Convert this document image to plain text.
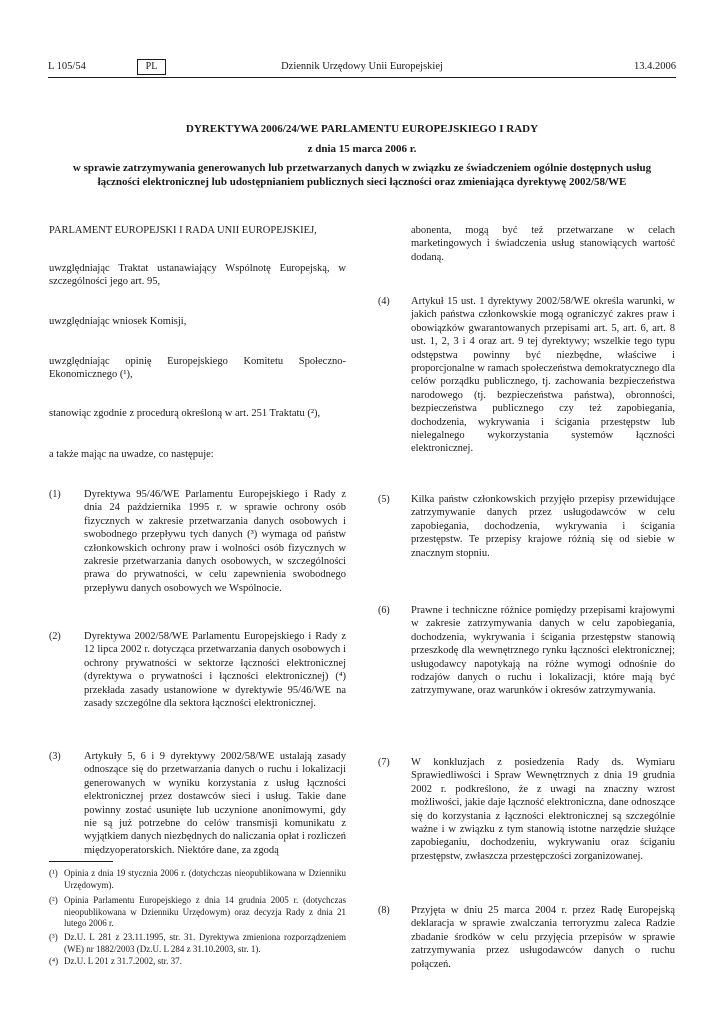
L 105/54	PL	Dziennik Urzędowy Unii Europejskiej	13.4.2006
DYREKTYWA 2006/24/WE PARLAMENTU EUROPEJSKIEGO I RADY
z dnia 15 marca 2006 r.
w sprawie zatrzymywania generowanych lub przetwarzanych danych w związku ze świadczeniem ogólnie dostępnych usług łączności elektronicznej lub udostępnianiem publicznych sieci łączności oraz zmieniająca dyrektywę 2002/58/WE
PARLAMENT EUROPEJSKI I RADA UNII EUROPEJSKIEJ,
uwzględniając Traktat ustanawiający Wspólnotę Europejską, w szczególności jego art. 95,
uwzględniając wniosek Komisji,
uwzględniając opinię Europejskiego Komitetu Społeczno-Ekonomicznego (¹),
stanowiąc zgodnie z procedurą określoną w art. 251 Traktatu (²),
a także mając na uwadze, co następuje:
(1) Dyrektywa 95/46/WE Parlamentu Europejskiego i Rady z dnia 24 października 1995 r. w sprawie ochrony osób fizycznych w zakresie przetwarzania danych osobowych i swobodnego przepływu tych danych (³) wymaga od państw członkowskich ochrony praw i wolności osób fizycznych w zakresie przetwarzania danych osobowych, w szczególności prawa do prywatności, w celu zapewnienia swobodnego przepływu danych osobowych we Wspólnocie.
(2) Dyrektywa 2002/58/WE Parlamentu Europejskiego i Rady z 12 lipca 2002 r. dotycząca przetwarzania danych osobowych i ochrony prywatności w sektorze łączności elektronicznej (dyrektywa o prywatności i łączności elektronicznej) (⁴) przekłada zasady ustanowione w dyrektywie 95/46/WE na zasady szczególne dla sektora łączności elektronicznej.
(3) Artykuły 5, 6 i 9 dyrektywy 2002/58/WE ustalają zasady odnoszące się do przetwarzania danych o ruchu i lokalizacji generowanych w wyniku korzystania z usług łączności elektronicznej przez dostawców sieci i usług. Takie dane powinny zostać usunięte lub uczynione anonimowymi, gdy nie są już potrzebne do celów transmisji komunikatu z wyjątkiem danych niezbędnych do naliczania opłat i rozliczeń międzyoperatorskich. Niektóre dane, za zgodą
(¹) Opinia z dnia 19 stycznia 2006 r. (dotychczas nieopublikowana w Dzienniku Urzędowym).
(²) Opinia Parlamentu Europejskiego z dnia 14 grudnia 2005 r. (dotychczas nieopublikowana w Dzienniku Urzędowym) oraz decyzja Rady z dnia 21 lutego 2006 r.
(³) Dz.U. L 281 z 23.11.1995, str. 31. Dyrektywa zmieniona rozporządzeniem (WE) nr 1882/2003 (Dz.U. L 284 z 31.10.2003, str. 1).
(⁴) Dz.U. L 201 z 31.7.2002, str. 37.
abonenta, mogą być też przetwarzane w celach marketingowych i świadczenia usług stanowiących wartość dodaną.
(4) Artykuł 15 ust. 1 dyrektywy 2002/58/WE określa warunki, w jakich państwa członkowskie mogą ograniczyć zakres praw i obowiązków gwarantowanych przepisami art. 5, art. 6, art. 8 ust. 1, 2, 3 i 4 oraz art. 9 tej dyrektywy; wszelkie tego typu odstępstwa powinny być niezbędne, właściwe i proporcjonalne w ramach społeczeństwa demokratycznego dla celów porządku publicznego, tj. zachowania bezpieczeństwa narodowego (tj. bezpieczeństwa państwa), obronności, bezpieczeństwa publicznego czy też zapobiegania, dochodzenia, wykrywania i ścigania przestępstw lub nielegalnego wykorzystania systemów łączności elektronicznej.
(5) Kilka państw członkowskich przyjęło przepisy przewidujące zatrzymywanie danych przez usługodawców w celu zapobiegania, dochodzenia, wykrywania i ścigania przestępstw. Te przepisy krajowe różnią się od siebie w znacznym stopniu.
(6) Prawne i techniczne różnice pomiędzy przepisami krajowymi w zakresie zatrzymywania danych w celu zapobiegania, dochodzenia, wykrywania i ścigania przestępstw stanowią przeszkodę dla wewnętrznego rynku łączności elektronicznej; usługodawcy napotykają na różne wymogi odnośnie do rodzajów danych o ruchu i lokalizacji, które mają być zatrzymywane, oraz warunków i okresów zatrzymywania.
(7) W konkluzjach z posiedzenia Rady ds. Wymiaru Sprawiedliwości i Spraw Wewnętrznych z dnia 19 grudnia 2002 r. podkreślono, że z uwagi na znaczny wzrost możliwości, jakie daje łączność elektroniczna, dane odnoszące się do korzystania z łączności elektronicznej są szczególnie ważne i w związku z tym stanowią istotne narzędzie służące zapobieganiu, dochodzeniu, wykrywaniu oraz ściganiu przestępstw, zwłaszcza przestępczości zorganizowanej.
(8) Przyjęta w dniu 25 marca 2004 r. przez Radę Europejską deklaracja w sprawie zwalczania terroryzmu zaleca Radzie zbadanie środków w celu przyjęcia przepisów w sprawie zatrzymywania przez usługodawców danych o ruchu połączeń.
